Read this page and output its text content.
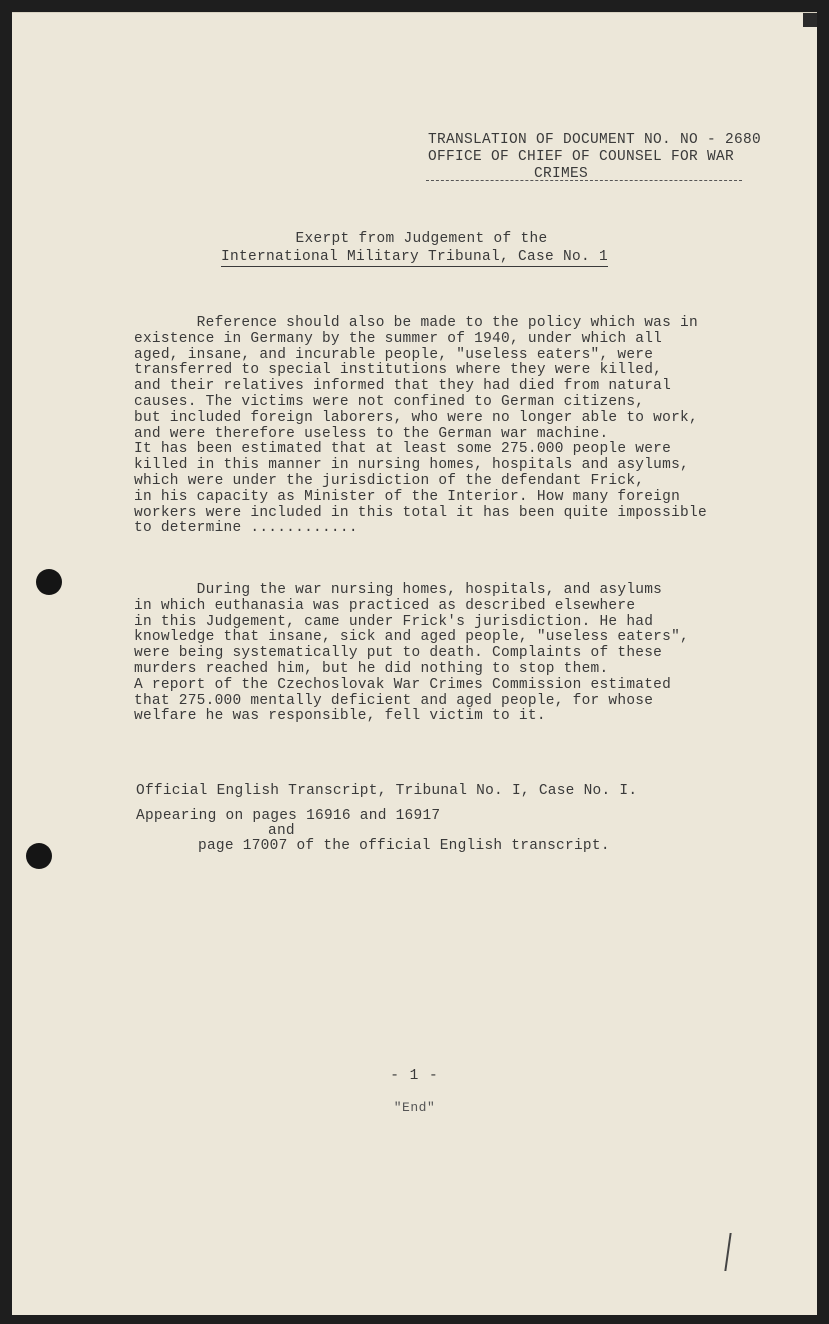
TRANSLATION OF DOCUMENT NO. NO - 2680
OFFICE OF CHIEF OF COUNSEL FOR WAR
CRIMES
Exerpt from Judgement of the
International Military Tribunal, Case No. 1
Reference should also be made to the policy which was in
existence in Germany by the summer of 1940, under which all
aged, insane, and incurable people, "useless eaters", were
transferred to special institutions where they were killed,
and their relatives informed that they had died from natural
causes. The victims were not confined to German citizens,
but included foreign laborers, who were no longer able to work,
and were therefore useless to the German war machine.
It has been estimated that at least some 275.000 people were
killed in this manner in nursing homes, hospitals and asylums,
which were under the jurisdiction of the defendant Frick,
in his capacity as Minister of the Interior. How many foreign
workers were included in this total it has been quite impossible
to determine ............
During the war nursing homes, hospitals, and asylums
in which euthanasia was practiced as described elsewhere
in this Judgement, came under Frick's jurisdiction. He had
knowledge that insane, sick and aged people, "useless eaters",
were being systematically put to death. Complaints of these
murders reached him, but he did nothing to stop them.
A report of the Czechoslovak War Crimes Commission estimated
that 275.000 mentally deficient and aged people, for whose
welfare he was responsible, fell victim to it.
Official English Transcript, Tribunal No. I, Case No. I.
Appearing on pages 16916 and 16917
and
page 17007 of the official English transcript.
- 1 -
"End"
